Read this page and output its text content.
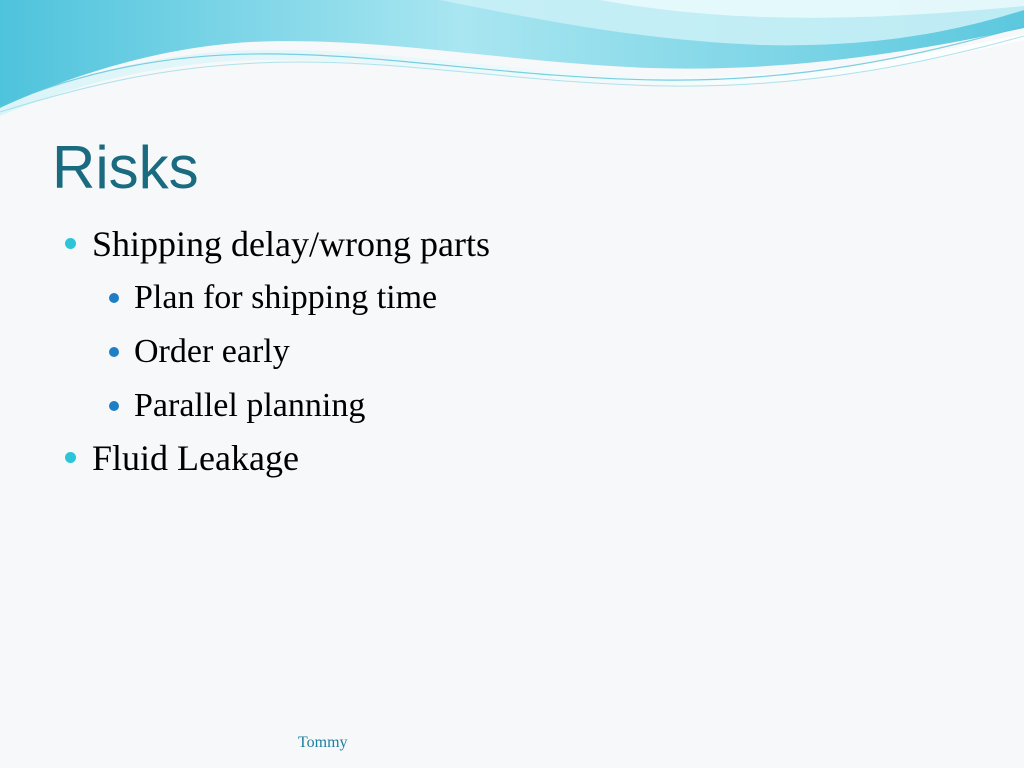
Risks
Shipping delay/wrong parts
Plan for shipping time
Order early
Parallel planning
Fluid Leakage
Tommy
